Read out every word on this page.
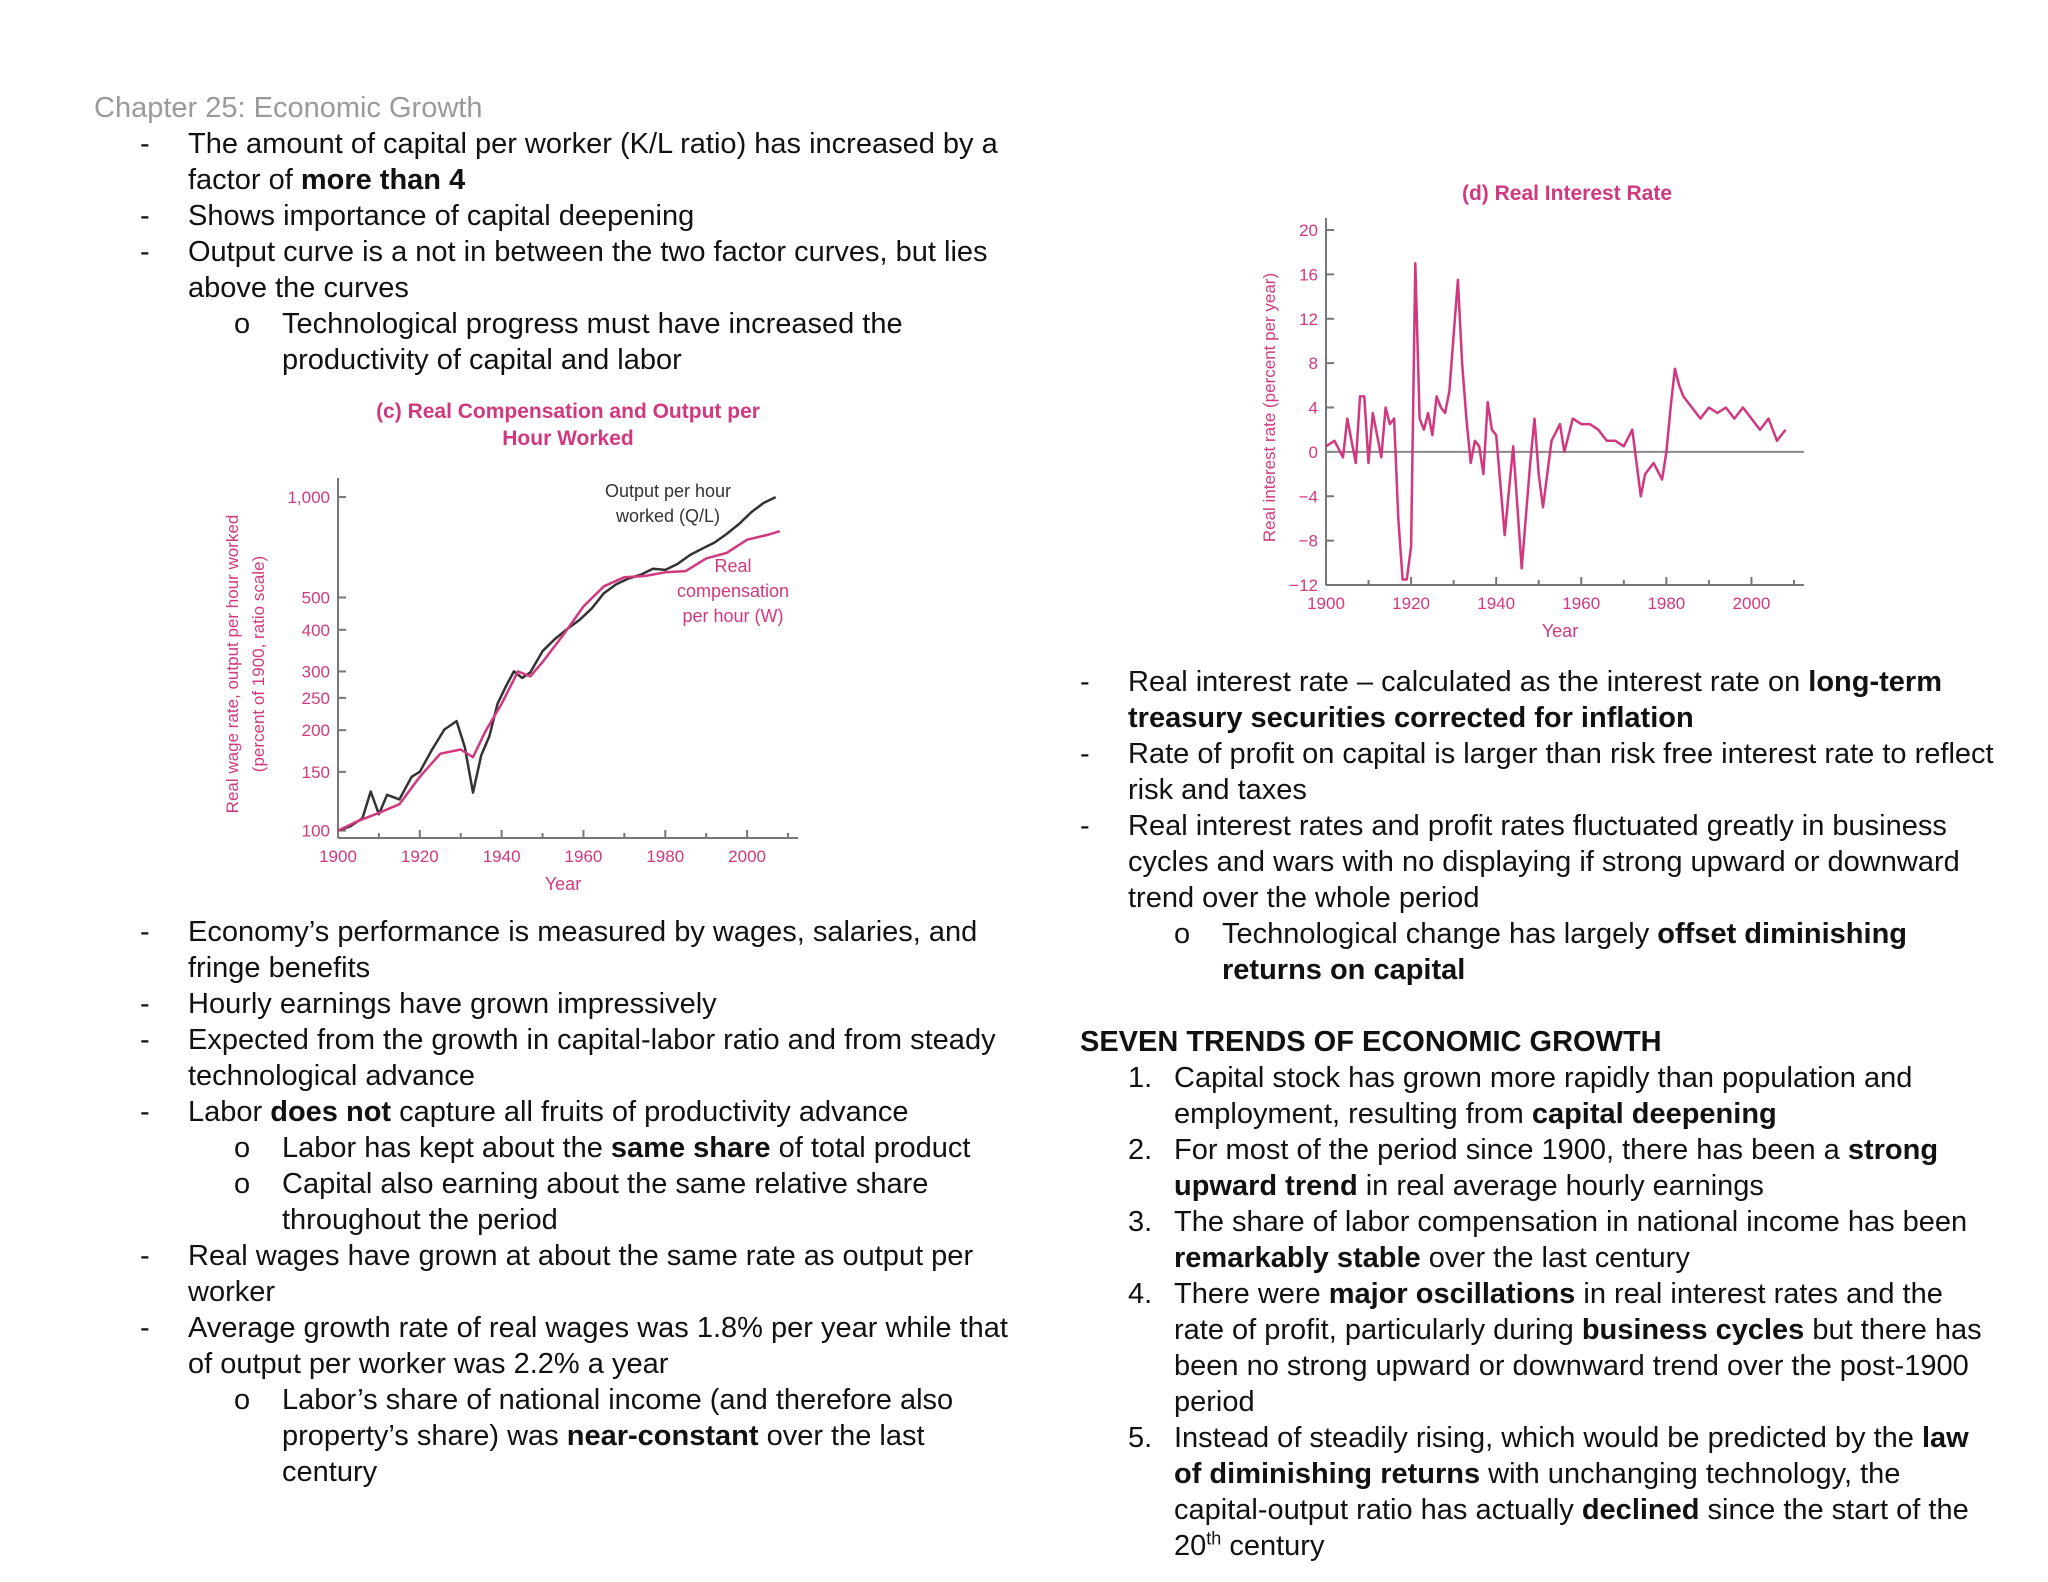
Chapter 25: Economic Growth
- The amount of capital per worker (K/L ratio) has increased by a factor of more than 4
- Shows importance of capital deepening
- Output curve is a not in between the two factor curves, but lies above the curves
o Technological progress must have increased the productivity of capital and labor
(c) Real Compensation and Output per
Hour Worked
100
150
200
250
300
400
500
1,000
1900	1920	1940	1960	1980	2000
Year
Real wage rate, output per hour worked (percent of 1900, ratio scale)
Output per hour
worked (Q/L)
Real
compensation
per hour (W)
(d) Real Interest Rate
−12
−8
−4
0
4
8
12
16
20
1900	1920	1940	1960	1980	2000
Year
Real interest rate (percent per year)
- Economy’s performance is measured by wages, salaries, and fringe benefits
- Hourly earnings have grown impressively
- Expected from the growth in capital-labor ratio and from steady technological advance
- Labor does not capture all fruits of productivity advance
o Labor has kept about the same share of total product
o Capital also earning about the same relative share throughout the period
- Real wages have grown at about the same rate as output per worker
- Average growth rate of real wages was 1.8% per year while that of output per worker was 2.2% a year
o Labor’s share of national income (and therefore also property’s share) was near-constant over the last century
- Real interest rate – calculated as the interest rate on long-term treasury securities corrected for inflation
- Rate of profit on capital is larger than risk free interest rate to reflect risk and taxes
- Real interest rates and profit rates fluctuated greatly in business cycles and wars with no displaying if strong upward or downward trend over the whole period
o Technological change has largely offset diminishing returns on capital
SEVEN TRENDS OF ECONOMIC GROWTH
1. Capital stock has grown more rapidly than population and employment, resulting from capital deepening
2. For most of the period since 1900, there has been a strong upward trend in real average hourly earnings
3. The share of labor compensation in national income has been remarkably stable over the last century
4. There were major oscillations in real interest rates and the rate of profit, particularly during business cycles but there has been no strong upward or downward trend over the post-1900 period
5. Instead of steadily rising, which would be predicted by the law of diminishing returns with unchanging technology, the capital-output ratio has actually declined since the start of the 20th century
